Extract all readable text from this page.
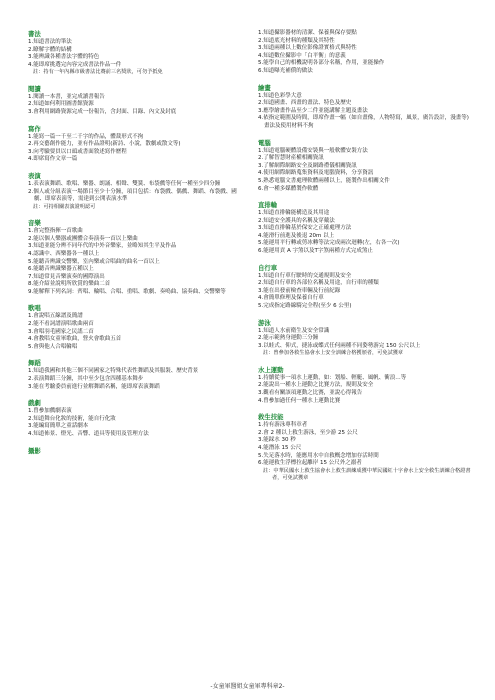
書法
1.知道書法的筆法
2.瞭解字體的結構
3.能辨識各種書法字體的特色
4.能即席挑選完內容完成書法作品一件
註：持有一年內縣市級書法比賽前三名獎狀，可勿予抵免
閱讀
1.閱讀一本書，並完成讀書報告
2.知道如何利用圖書館資源
3.會利用網路資源完成一份報告，含封面、目錄、內文及封底
寫作
1.能寫一篇一千至二千字的作品，體裁形式不拘
2.再交藝創作能力，並有作品證明(新詩、小說，散劇或散文等)
3.向考驗要員以口頭或書面敘述寫作歷程
4.即席寫作文章一篇
表演
1.表表演舞蹈、歌唱、樂器、朗誦、相聲、雙簧、布袋戲等任何一種至少四分鐘
2.個人或分組表演一場節目至少十分鐘，項目包括：布袋戲、偶戲、舞蹈、布袋戲、國劇、即席表演等，需達到公開表演水準
註：可持相關表演證明認可
音樂
1.會完整指揮一首歌曲
2.能以個人樂器或團體合奏演奏一首以上樂曲
3.知道並能分辨不同年代的中外音樂家，並略知其生平及作品
4.認識中、西樂器各一種以上
5.能聽音辨識交響樂，室內樂或合唱曲的曲名一首以上
6.能聽音辨識樂器五種以上
7.知道常見音樂演奏的國際演出
8.能介紹並說明所欣賞的樂曲二首
9.能解釋下列名詞：齊唱、輪唱、合唱、重唱、歌劇、奏鳴曲、協奏曲、交響樂等
歌唱
1.會說唱五線譜及簡譜
2.能不看詞譜演唱歌曲兩首
3.會唱羽毛國家之民謠二首
4.會教唱女童軍歌曲，營火會歌曲五首
5.會與他人合唱輪唱
舞蹈
1.知道我國和其他三個不同國家之特殊代表性舞蹈及其服裝、歷史背景
2.表演舞蹈三分鐘，其中至少包含四種基本舞步
3.能在考驗委員前進行並解舞蹈名稱，能即席表演舞蹈
戲劇
1.曾參加戲劇表演
2.知道舞台化妝的技術，能自行化妝
3.能編寫簡單之童話劇本
4.知道佈景、燈光、音響、道具等使用及管理方法
攝影
1.知道攝影器材的清潔、保養與保存要點
2.知道底光材料的種類及其特性
3.知道兩種以上數位影像證實格式與特性
4.知道數位攝影中「白平衡」的意義
5.能學自己的相機說明各部分名稱，作用，並能操作
6.知道曝光補償的做法
繪畫
1.知道色彩學大意
2.知道國畫、西畫的畫法、特色及歷史
3.應學繪畫作品至少二件並能講解主題及畫法
4.依指定範圍及時間，即席作畫一幅（如自畫像，人物特寫，風景，廣告設計，漫畫等)畫法及使用材料不拘
電腦
1.知道電腦硬體設備安裝與一般軟體安裝方法
2.了解智慧財產權相關資訊
3.了解網際網路安全及網路禮儀相關資訊
4.使用網際網路蒐集資料及電腦資料，分享資訊
5.熟悉電腦文書處理軟體兩種以上，能製作出相關文件
6.會一種多媒體製作軟體
直排輪
1.知道直排輪能構造及其用途
2.知道安全護具的名稱及穿戴法
3.知道直排輪基於保安之正確處理方法
4.能滑行前進及後退 20m 以上
5.能運用平行轉或剪冰轉等法完成兩次迴轉(左，右各一次)
6.能運用貢 A 字煞以及T字煞兩種方式完成煞止
自行車
1.知道自行車行駛時的交通規則及安全
2.知道自行車的各部位名稱及用途，自行車的種類
3.能在出發前檢查車輛及行前紀錄
4.會簡單修理及保養自行車
5.完成指定路線騎完全程(至少 6 公里)
游泳
1.知道人水前衛生及安全常識
2.能示範熱身運動三分鐘
3.以蛙式、仰式，捷泳或蝶式任何兩種不同姿勢游完 150 公尺以上
註：曾參加各救生協會水上安全訓練合格獲頒者，可免試獲章
水上運動
1.持續從事一項水上運動，如：划船、輕艇、風帆、衝浪…等
2.能說出一種水上運動之比賽方法，規則及安全
3.觀看有關該項運動之比賽，並說心得報告
4.曾參加過任何一種水上運動比賽
救生技能
1.持有游泳專科章者
2.會 2 種以上救生游泳，至少游 25 公尺
3.能踩水 30 秒
4.能潛泳 15 公尺
5.失足落水時，能應用水中自救概念增加存活時間
6.能運救生浮標拉起離岸 15 公尺外之溺者
註：中華民國水上救生協會水上救生訓練成獲中華民國紅十字會水上安全救生訓練合格證書者，可免試獲章
-女童軍醫姐女童軍專科章2-
